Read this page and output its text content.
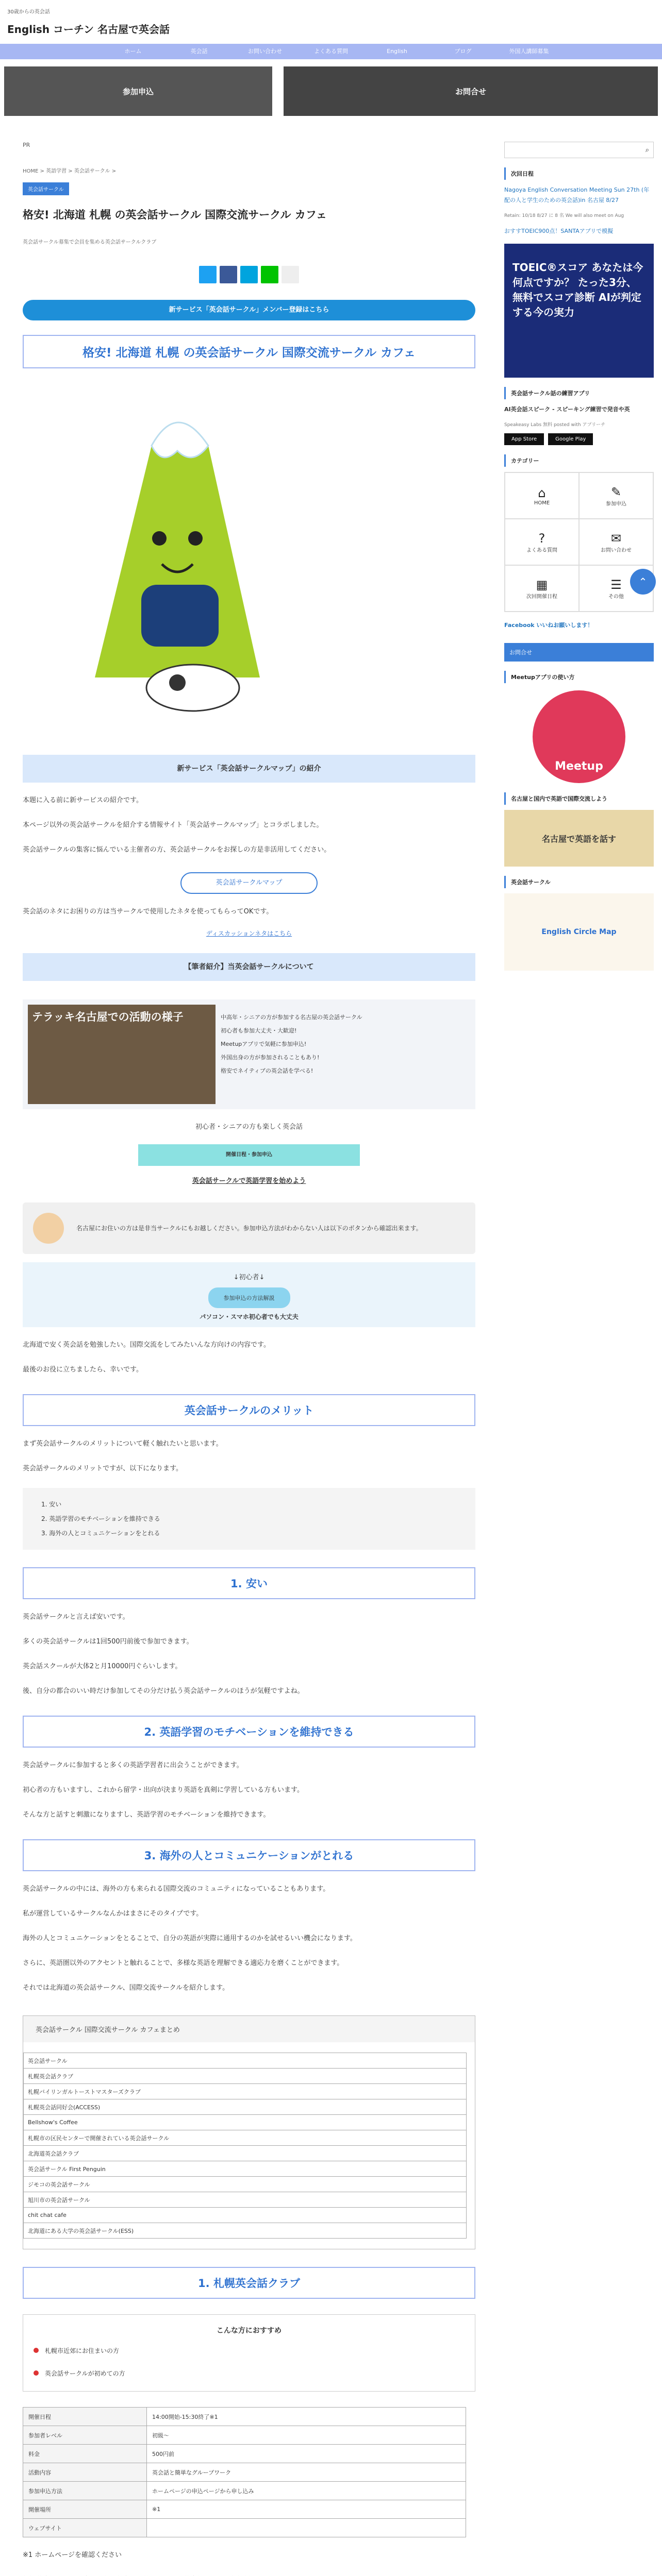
30歳からの英会話
English コーチン 名古屋で英会話
ホーム	英会話	お問い合わせ	よくある質問	English	ブログ	外国人講師募集
参加申込	お問合せ
PR
HOME > 英語学習 > 英会話サークル >
英会話サークル
格安! 北海道 札幌 の英会話サークル 国際交流サークル カフェ
英会話サークル募集で会員を集める英会話サークルクラブ
新サービス「英会話サークル」メンバー登録はこちら
格安! 北海道 札幌 の英会話サークル 国際交流サークル カフェ
新サービス「英会話サークルマップ」の紹介

本題に入る前に新サービスの紹介です。

本ページ以外の英会話サークルを紹介する情報サイト「英会話サークルマップ」とコラボしました。

英会話サークルの集客に悩んでいる主催者の方、英会話サークルをお探しの方是非活用してください。

英会話サークルマップ

英会話のネタにお困りの方は当サークルで使用したネタを使ってもらってOKです。

ディスカッションネタはこちら
【筆者紹介】当英会話サークルについて
テラッキ名古屋での活動の様子	中高年・シニアの方が参加する名古屋の英会話サークル
初心者も参加大丈夫・大歓迎!
Meetupアプリで気軽に参加申込!
外国出身の方が参加されることもあり!
格安でネイティブの英会話を学べる!

初心者・シニアの方も楽しく英会話

開催日程・参加申込
英会話サークルで英語学習を始めよう
名古屋にお住いの方は是非当サークルにもお越しください。参加申込方法がわからない人は以下のボタンから確認出来ます。
↓初心者↓
参加申込の方法解説
パソコン・スマホ初心者でも大丈夫

北海道で安く英会話を勉強したい。国際交流をしてみたいんな方向けの内容です。

最後のお役に立ちましたら、幸いです。

英会話サークルのメリット

まず英会話サークルのメリットについて軽く触れたいと思います。

英会話サークルのメリットですが、以下になります。

1. 安い
2. 英語学習のモチベーションを維持できる
3. 海外の人とコミュニケーションをとれる
1. 安い

英会話サークルと言えば安いです。

多くの英会話サークルは1回500円前後で参加できます。

英会話スクールが大体2と月10000円ぐらいします。

後、自分の都合のいい時だけ参加してその分だけ払う英会話サークルのほうが気軽ですよね。

2. 英語学習のモチベーションを維持できる

英会話サークルに参加すると多くの英語学習者に出会うことができます。

初心者の方もいますし、これから留学・出向が決まり英語を真剣に学習している方もいます。

そんな方と話すと刺激になりますし、英語学習のモチベーションを維持できます。

3. 海外の人とコミュニケーションがとれる

英会話サークルの中には、海外の方も来られる国際交流のコミュニティになっていることもあります。

私が運営しているサークルなんかはまさにそのタイプです。

海外の人とコミュニケーションをとることで、自分の英語が実際に通用するのかを試せるいい機会になります。

さらに、英語圏以外のアクセントと触れることで、多様な英語を理解できる適応力を磨くことができます。

それでは北海道の英会話サークル、国際交流サークルを紹介します。

英会話サークル 国際交流サークル カフェまとめ
英会話サークル
札幌英会話クラブ
札幌バイリンガルトーストマスターズクラブ
札幌英会話同好会(ACCESS)
Bellshow's Coffee
札幌市の区民センターで開催されている英会話サークル
北海道英会話クラブ
英会話サークル First Penguin
ジモコの英会話サークル
旭川市の英会話サークル
chit chat cafe
北海道にある大学の英会話サークル(ESS)
1. 札幌英会話クラブ
こんな方におすすめ
札幌市近郊にお住まいの方
英会話サークルが初めての方
開催日程	14:00開始-15:30終了※1
参加者レベル	初級〜
料金	500円前
活動内容	英会話と簡単なグループワーク
参加申込方法	ホームページの申込ページから申し込み
開催場所	※1
ウェブサイト	

※1 ホームページを確認ください

⌕
次回日程
Nagoya English Conversation Meeting Sun 27th (年配の人と学生のための英会話)in 名古屋 8/27
Retain: 10/18 8/27 に 8 名 We will also meet on Aug
おすすTOEIC900点！SANTAアプリで模擬
TOEIC®スコア あなたは今何点ですか？ たった3分、無料でスコア診断 AIが判定する今の実力
英会話サークル話の練習アプリ
AI英会話スピーク - スピーキング練習で発音や英
Speakeasy Labs 無料 posted with アプリーチ
App Store	Google Play
カテゴリー
⌂
HOME
✎
参加申込
?
よくある質問
✉
お問い合わせ
▦
次回開催日程
☰
その他
Facebook いいねお願いします！
お問合せ
Meetupアプリの使い方
Meetup
名古屋と国内で英語で国際交流しよう
名古屋で英語を話す
英会話サークル
English Circle Map
⌃
